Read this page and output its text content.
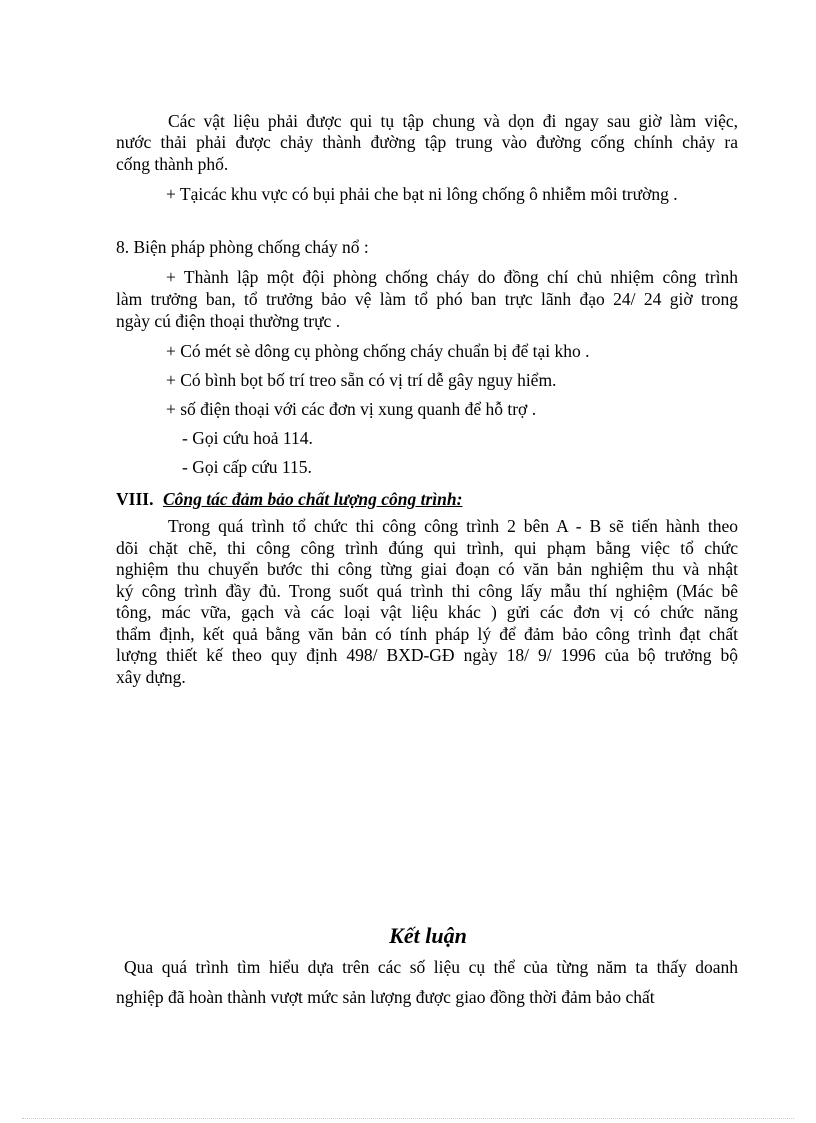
Các vật liệu phải được qui tụ tập chung và dọn đi ngay sau giờ làm việc,
nước thải phải được chảy thành đường tập trung vào đường cống chính chảy ra
cống thành phố.
+ Tạicác khu vực có bụi phải che bạt ni lông chống ô nhiễm môi trường .
8. Biện pháp phòng chống cháy nổ :
+ Thành lập một đội phòng chống cháy do đồng chí chủ nhiệm công trình
làm trưởng ban, tổ trưởng bảo vệ làm tổ phó ban trực lãnh đạo 24/ 24 giờ trong
ngày cú điện thoại thường trực .
+ Có mét sè dông cụ phòng chống cháy chuẩn bị để tại kho .
+ Có bình bọt bố trí treo sẵn có vị trí dễ gây nguy hiểm.
+ số điện thoại với các đơn vị xung quanh để hỗ trợ .
- Gọi cứu hoả 114.
- Gọi cấp cứu 115.
VIII. Công tác đảm bảo chất lượng công trình:
Trong quá trình tổ chức thi công công trình 2 bên A - B sẽ tiến hành theo
dõi chặt chẽ, thi công công trình đúng qui trình, qui phạm bằng việc tổ chức
nghiệm thu chuyển bước thi công từng giai đoạn có văn bản nghiệm thu và nhật
ký công trình đầy đủ. Trong suốt quá trình thi công lấy mẫu thí nghiệm (Mác bê
tông, mác vữa, gạch và các loại vật liệu khác ) gửi các đơn vị có chức năng
thẩm định, kết quả bằng văn bản có tính pháp lý để đảm bảo công trình đạt chất
lượng thiết kế theo quy định 498/ BXD-GĐ ngày 18/ 9/ 1996 của bộ trưởng bộ
xây dựng.
Kết luận
Qua quá trình tìm hiểu dựa trên các số liệu cụ thể của từng năm ta thấy doanh
nghiệp đã hoàn thành vượt mức sản lượng được giao đồng thời đảm bảo chất
